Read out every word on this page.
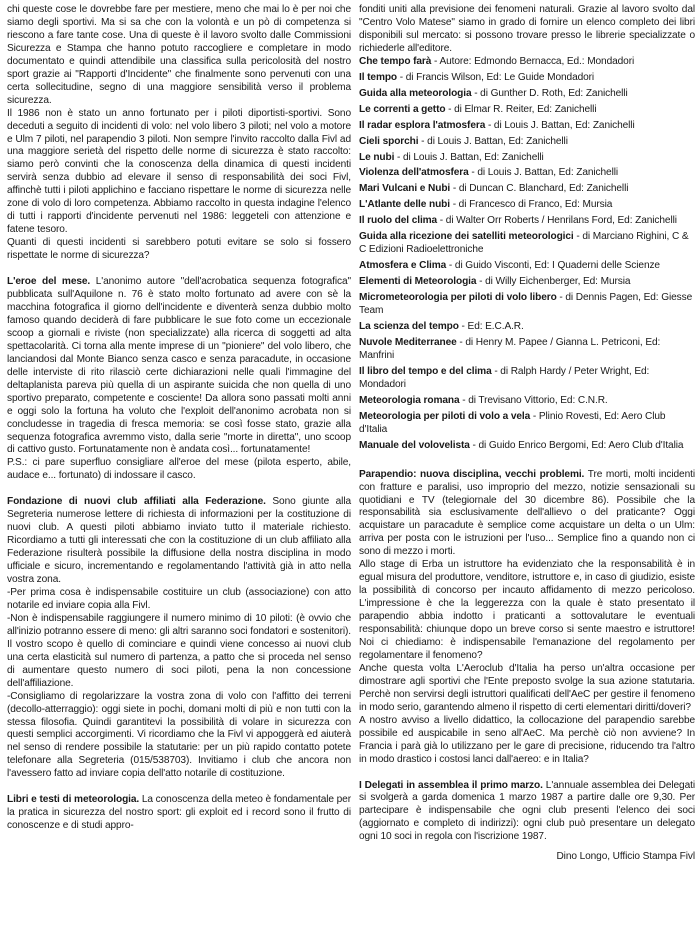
chi queste cose le dovrebbe fare per mestiere, meno che mai lo è per noi che siamo degli sportivi. Ma si sa che con la volontà e un pò di competenza si riescono a fare tante cose. Una di queste è il lavoro svolto dalle Commissioni Sicurezza e Stampa che hanno potuto raccogliere e completare in modo documentato e quindi attendibile una classifica sulla pericolosità del nostro sport grazie ai "Rapporti d'Incidente" che finalmente sono pervenuti con una certa sollecitudine, segno di una maggiore sensibilità verso il problema sicurezza.

Il 1986 non è stato un anno fortunato per i piloti diportisti-sportivi. Sono deceduti a seguito di incidenti di volo: nel volo libero 3 piloti; nel volo a motore e Ulm 7 piloti, nel parapendio 3 piloti. Non sempre l'invito raccolto dalla Fivl ad una maggiore serietà del rispetto delle norme di sicurezza è stato raccolto: siamo però convinti che la conoscenza della dinamica di questi incidenti servirà senza dubbio ad elevare il senso di responsabilità dei soci Fivl, affinchè tutti i piloti applichino e facciano rispettare le norme di sicurezza nelle zone di volo di loro competenza. Abbiamo raccolto in questa indagine l'elenco di tutti i rapporti d'incidente pervenuti nel 1986: leggeteli con attenzione e fatene tesoro.

Quanti di questi incidenti si sarebbero potuti evitare se solo si fossero rispettate le norme di sicurezza?

L'eroe del mese. L'anonimo autore "dell'acrobatica sequenza fotografica" pubblicata sull'Aquilone n. 76 è stato molto fortunato ad avere con sè la macchina fotografica il giorno dell'incidente e diventerà senza dubbio molto famoso quando deciderà di fare pubblicare le sue foto come un eccezionale scoop a giornali e riviste (non specializzate) alla ricerca di soggetti ad alta spettacolarità. Ci torna alla mente imprese di un "pioniere" del volo libero, che lanciandosi dal Monte Bianco senza casco e senza paracadute, in occasione delle interviste di rito rilasciò certe dichiarazioni nelle quali l'immagine del deltaplanista pareva più quella di un aspirante suicida che non quella di uno sportivo preparato, competente e cosciente! Da allora sono passati molti anni e oggi solo la fortuna ha voluto che l'exploit dell'anonimo acrobata non si concludesse in tragedia di fresca memoria: se così fosse stato, grazie alla sequenza fotografica avremmo visto, dalla serie "morte in diretta", uno scoop di cattivo gusto. Fortunatamente non è andata così... fortunatamente!

P.S.: ci pare superfluo consigliare all'eroe del mese (pilota esperto, abile, audace e... fortunato) di indossare il casco.

Fondazione di nuovi club affiliati alla Federazione. Sono giunte alla Segreteria numerose lettere di richiesta di informazioni per la costituzione di nuovi club. A questi piloti abbiamo inviato tutto il materiale richiesto. Ricordiamo a tutti gli interessati che con la costituzione di un club affiliato alla Federazione risulterà possibile la diffusione della nostra disciplina in modo ufficiale e sicuro, incrementando e regolamentando l'attività già in atto nella vostra zona.

-Per prima cosa è indispensabile costituire un club (associazione) con atto notarile ed inviare copia alla Fivl.

-Non è indispensabile raggiungere il numero minimo di 10 piloti: (è ovvio che all'inizio potranno essere di meno: gli altri saranno soci fondatori e sostenitori). Il vostro scopo è quello di cominciare e quindi viene concesso ai nuovi club una certa elasticità sul numero di partenza, a patto che si proceda nel senso di aumentare questo numero di soci piloti, pena la non concessione dell'affiliazione.

-Consigliamo di regolarizzare la vostra zona di volo con l'affitto dei terreni (decollo-atterraggio): oggi siete in pochi, domani molti di più e non tutti con la stessa filosofia. Quindi garantitevi la possibilità di volare in sicurezza con questi semplici accorgimenti. Vi ricordiamo che la Fivl vi appoggerà ed aiuterà nel senso di rendere possibile la statutarie: per un più rapido contatto potete telefonare alla Segreteria (015/538703). Invitiamo i club che ancora non l'avessero fatto ad inviare copia dell'atto notarile di costituzione.

Libri e testi di meteorologia. La conoscenza della meteo è fondamentale per la pratica in sicurezza del nostro sport: gli exploit ed i record sono il frutto di conoscenze e di studi appro-

fonditi uniti alla previsione dei fenomeni naturali. Grazie al lavoro svolto dal "Centro Volo Matese" siamo in grado di fornire un elenco completo dei libri disponibili sul mercato: si possono trovare presso le librerie specializzate o richiederle all'editore.

Che tempo farà - Autore: Edmondo Bernacca, Ed.: Mondadori

Il tempo - di Francis Wilson, Ed: Le Guide Mondadori

Guida alla meteorologia - di Gunther D. Roth, Ed: Zanichelli

Le correnti a getto - di Elmar R. Reiter, Ed: Zanichelli

Il radar esplora l'atmosfera - di Louis J. Battan, Ed: Zanichelli

Cieli sporchi - di Louis J. Battan, Ed: Zanichelli

Le nubi - di Louis J. Battan, Ed: Zanichelli

Violenza dell'atmosfera - di Louis J. Battan, Ed: Zanichelli

Mari Vulcani e Nubi - di Duncan C. Blanchard, Ed: Zanichelli

L'Atlante delle nubi - di Francesco di Franco, Ed: Mursia

Il ruolo del clima - di Walter Orr Roberts / Henrilans Ford, Ed: Zanichelli

Guida alla ricezione dei satelliti meteorologici - di Marciano Righini, C & C Edizioni Radioelettroniche

Atmosfera e Clima - di Guido Visconti, Ed: I Quaderni delle Scienze

Elementi di Meteorologia - di Willy Eichenberger, Ed: Mursia

Micrometeorologia per piloti di volo libero - di Dennis Pagen, Ed: Giesse Team

La scienza del tempo - Ed: E.C.A.R.

Nuvole Mediterranee - di Henry M. Papee / Gianna L. Petriconi, Ed: Manfrini

Il libro del tempo e del clima - di Ralph Hardy / Peter Wright, Ed: Mondadori

Meteorologia romana - di Trevisano Vittorio, Ed: C.N.R.

Meteorologia per piloti di volo a vela - Plinio Rovesti, Ed: Aero Club d'Italia

Manuale del volovelista - di Guido Enrico Bergomi, Ed: Aero Club d'Italia

Parapendio: nuova disciplina, vecchi problemi. Tre morti, molti incidenti con fratture e paralisi, uso improprio del mezzo, notizie sensazionali su quotidiani e TV (telegiornale del 30 dicembre 86). Possibile che la responsabilità sia esclusivamente dell'allievo o del praticante? Oggi acquistare un paracadute è semplice come acquistare un delta o un Ulm: arriva per posta con le istruzioni per l'uso... Semplice fino a quando non ci sono di mezzo i morti.

Allo stage di Erba un istruttore ha evidenziato che la responsabilità è in egual misura del produttore, venditore, istruttore e, in caso di giudizio, esiste la possibilità di concorso per incauto affidamento di mezzo pericoloso. L'impressione è che la leggerezza con la quale è stato presentato il parapendio abbia indotto i praticanti a sottovalutare le eventuali responsabilità: chiunque dopo un breve corso si sente maestro e istruttore! Noi ci chiediamo: è indispensabile l'emanazione del regolamento per regolamentare il fenomeno?

Anche questa volta L'Aeroclub d'Italia ha perso un'altra occasione per dimostrare agli sportivi che l'Ente preposto svolge la sua azione statutaria. Perchè non servirsi degli istruttori qualificati dell'AeC per gestire il fenomeno in modo serio, garantendo almeno il rispetto di certi elementari diritti/doveri?

A nostro avviso a livello didattico, la collocazione del parapendio sarebbe possibile ed auspicabile in seno all'AeC. Ma perchè ciò non avviene? In Francia i parà già lo utilizzano per le gare di precisione, riducendo tra l'altro in modo drastico i costosi lanci dall'aereo: e in Italia?

I Delegati in assemblea il primo marzo. L'annuale assemblea dei Delegati si svolgerà a garda domenica 1 marzo 1987 a partire dalle ore 9,30. Per partecipare è indispensabile che ogni club presenti l'elenco dei soci (aggiornato e completo di indirizzi): ogni club può presentare un delegato ogni 10 soci in regola con l'iscrizione 1987.

Dino Longo, Ufficio Stampa Fivl
